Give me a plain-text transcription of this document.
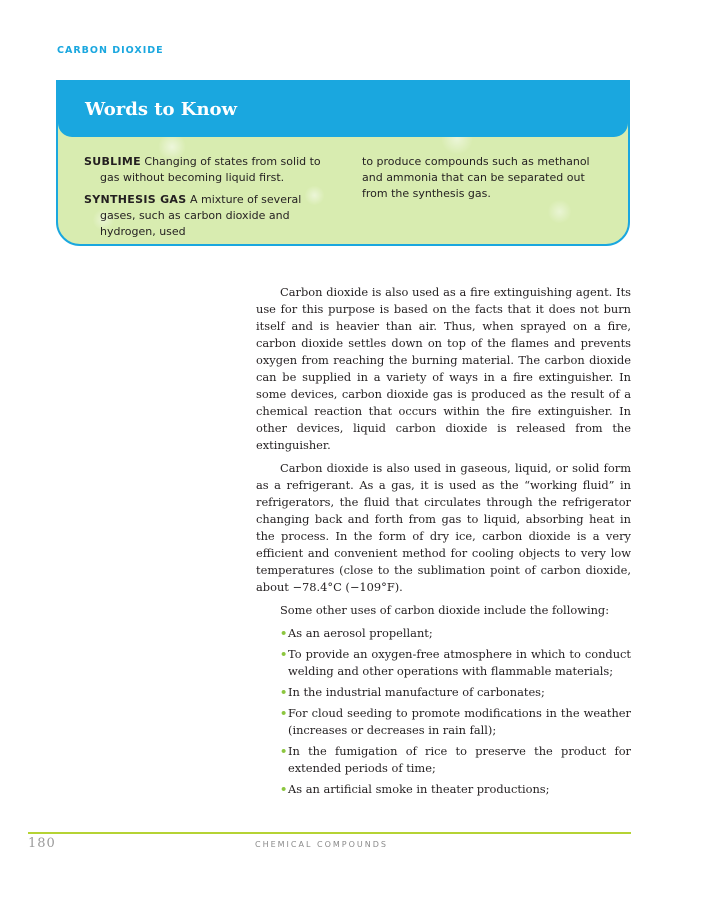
CARBON DIOXIDE
Words to Know
SUBLIME Changing of states from solid to gas without becoming liquid first.
SYNTHESIS GAS A mixture of several gases, such as carbon dioxide and hydrogen, used
to produce compounds such as methanol and ammonia that can be separated out from the synthesis gas.

Carbon dioxide is also used as a fire extinguishing agent. Its use for this purpose is based on the facts that it does not burn itself and is heavier than air. Thus, when sprayed on a fire, carbon dioxide settles down on top of the flames and prevents oxygen from reaching the burning material. The carbon dioxide can be supplied in a variety of ways in a fire extinguisher. In some devices, carbon dioxide gas is produced as the result of a chemical reaction that occurs within the fire extinguisher. In other devices, liquid carbon dioxide is released from the extinguisher.

Carbon dioxide is also used in gaseous, liquid, or solid form as a refrigerant. As a gas, it is used as the “working fluid” in refrigerators, the fluid that circulates through the refrigerator changing back and forth from gas to liquid, absorbing heat in the process. In the form of dry ice, carbon dioxide is a very efficient and convenient method for cooling objects to very low temperatures (close to the sublimation point of carbon dioxide, about −78.4°C (−109°F).

Some other uses of carbon dioxide include the following:

• As an aerosol propellant;
• To provide an oxygen-free atmosphere in which to conduct welding and other operations with flammable materials;
• In the industrial manufacture of carbonates;
• For cloud seeding to promote modifications in the weather (increases or decreases in rain fall);
• In the fumigation of rice to preserve the product for extended periods of time;
• As an artificial smoke in theater productions;
180	CHEMICAL COMPOUNDS
